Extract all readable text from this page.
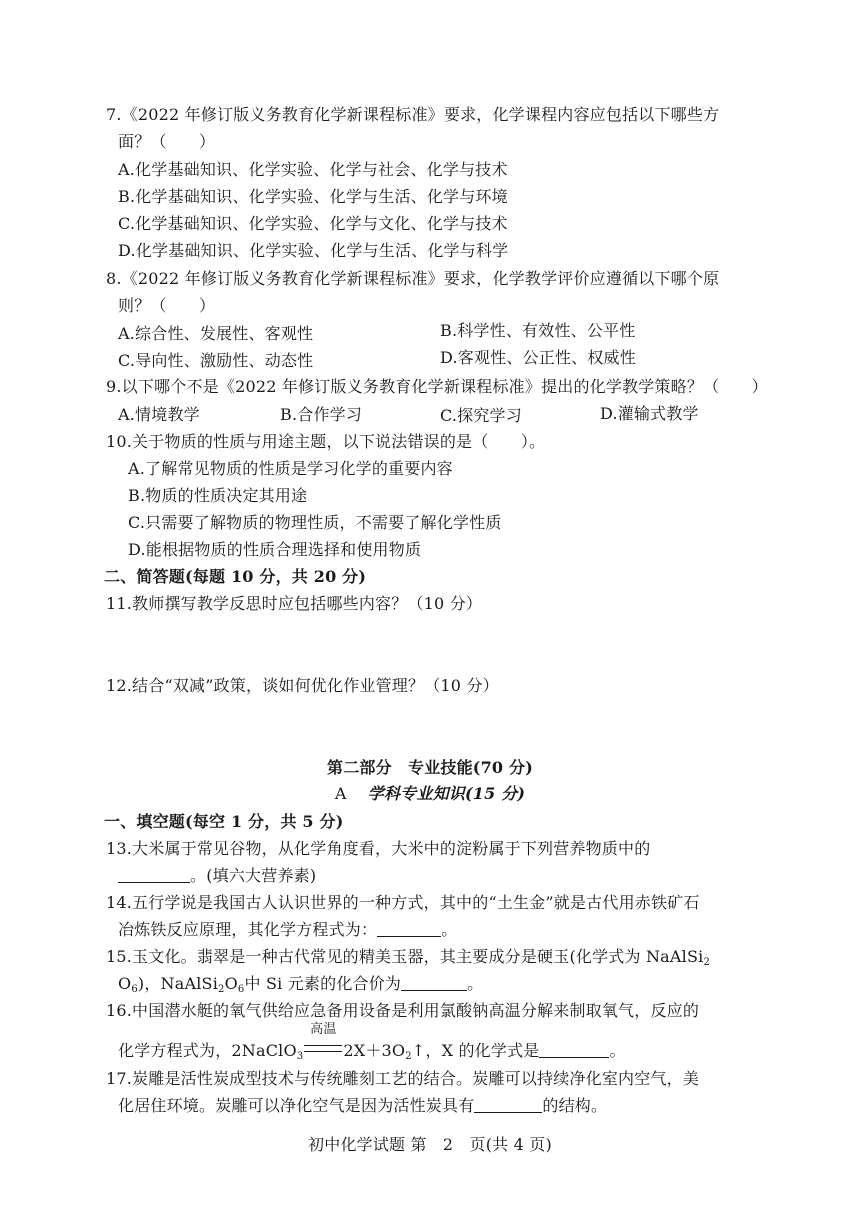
7.《2022 年修订版义务教育化学新课程标准》要求，化学课程内容应包括以下哪些方
面？（　　）
A.化学基础知识、化学实验、化学与社会、化学与技术
B.化学基础知识、化学实验、化学与生活、化学与环境
C.化学基础知识、化学实验、化学与文化、化学与技术
D.化学基础知识、化学实验、化学与生活、化学与科学
8.《2022 年修订版义务教育化学新课程标准》要求，化学教学评价应遵循以下哪个原
则？（　　）
A.综合性、发展性、客观性	B.科学性、有效性、公平性
C.导向性、激励性、动态性	D.客观性、公正性、权威性
9.以下哪个不是《2022 年修订版义务教育化学新课程标准》提出的化学教学策略？（　　）
A.情境教学	B.合作学习	C.探究学习	D.灌输式教学
10.关于物质的性质与用途主题，以下说法错误的是（　　）。
A.了解常见物质的性质是学习化学的重要内容
B.物质的性质决定其用途
C.只需要了解物质的物理性质，不需要了解化学性质
D.能根据物质的性质合理选择和使用物质
二、简答题(每题 10 分，共 20 分)
11.教师撰写教学反思时应包括哪些内容？（10 分）
12.结合“双减”政策，谈如何优化作业管理？（10 分）
第二部分　专业技能(70 分)
A 学科专业知识(15 分)
一、填空题(每空 1 分，共 5 分)
13.大米属于常见谷物，从化学角度看，大米中的淀粉属于下列营养物质中的
。(填六大营养素)
14.五行学说是我国古人认识世界的一种方式，其中的“土生金”就是古代用赤铁矿石
冶炼铁反应原理，其化学方程式为：	。
15.玉文化。翡翠是一种古代常见的精美玉器，其主要成分是硬玉(化学式为 NaAlSi$_2$
$O_6$)，$NaAlSi_2O_6$中 Si 元素的化合价为	。
16.中国潜水艇的氧气供给应急备用设备是利用氯酸钠高温分解来制取氧气，反应的
化学方程式为，2NaClO$_3$
高温
$2X+3O_2↑$，X 的化学式是	。
17.炭雕是活性炭成型技术与传统雕刻工艺的结合。炭雕可以持续净化室内空气，美
化居住环境。炭雕可以净化空气是因为活性炭具有	的结构。
初中化学试题 第　2　页(共 4 页)
